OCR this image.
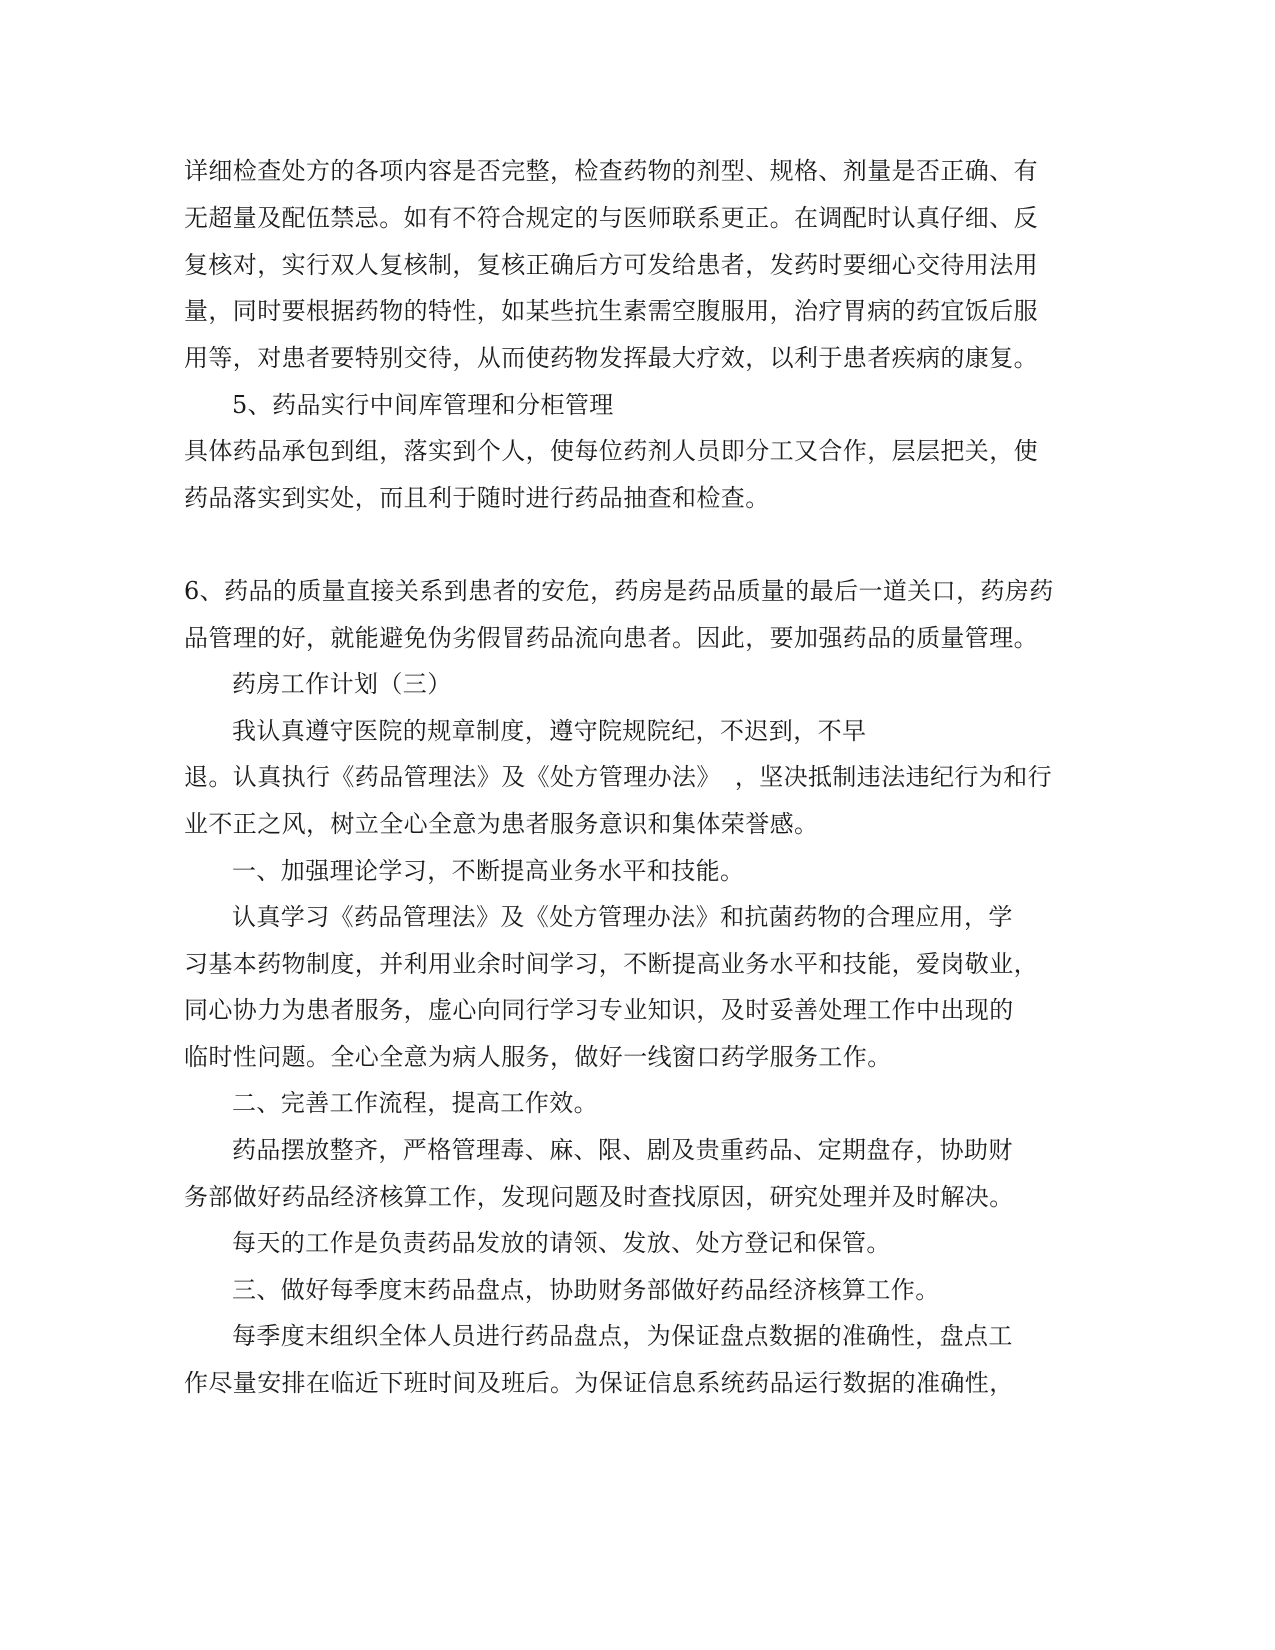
详细检查处方的各项内容是否完整，检查药物的剂型、规格、剂量是否正确、有

无超量及配伍禁忌。如有不符合规定的与医师联系更正。在调配时认真仔细、反

复核对，实行双人复核制，复核正确后方可发给患者，发药时要细心交待用法用

量，同时要根据药物的特性，如某些抗生素需空腹服用，治疗胃病的药宜饭后服

用等，对患者要特别交待，从而使药物发挥最大疗效，以利于患者疾病的康复。

5、药品实行中间库管理和分柜管理

具体药品承包到组，落实到个人，使每位药剂人员即分工又合作，层层把关，使

药品落实到实处，而且利于随时进行药品抽查和检查。

6、药品的质量直接关系到患者的安危，药房是药品质量的最后一道关口，药房药

品管理的好，就能避免伪劣假冒药品流向患者。因此，要加强药品的质量管理。

药房工作计划（三）

我认真遵守医院的规章制度，遵守院规院纪，不迟到，不早

退。认真执行《药品管理法》及《处方管理办法》 ，坚决抵制违法违纪行为和行

业不正之风，树立全心全意为患者服务意识和集体荣誉感。

一、加强理论学习，不断提高业务水平和技能。

认真学习《药品管理法》及《处方管理办法》和抗菌药物的合理应用，学

习基本药物制度，并利用业余时间学习，不断提高业务水平和技能，爱岗敬业，

同心协力为患者服务，虚心向同行学习专业知识，及时妥善处理工作中出现的

临时性问题。全心全意为病人服务，做好一线窗口药学服务工作。

二、完善工作流程，提高工作效。

药品摆放整齐，严格管理毒、麻、限、剧及贵重药品、定期盘存，协助财

务部做好药品经济核算工作，发现问题及时查找原因，研究处理并及时解决。

每天的工作是负责药品发放的请领、发放、处方登记和保管。

三、做好每季度末药品盘点，协助财务部做好药品经济核算工作。

每季度末组织全体人员进行药品盘点，为保证盘点数据的准确性，盘点工

作尽量安排在临近下班时间及班后。为保证信息系统药品运行数据的准确性，
